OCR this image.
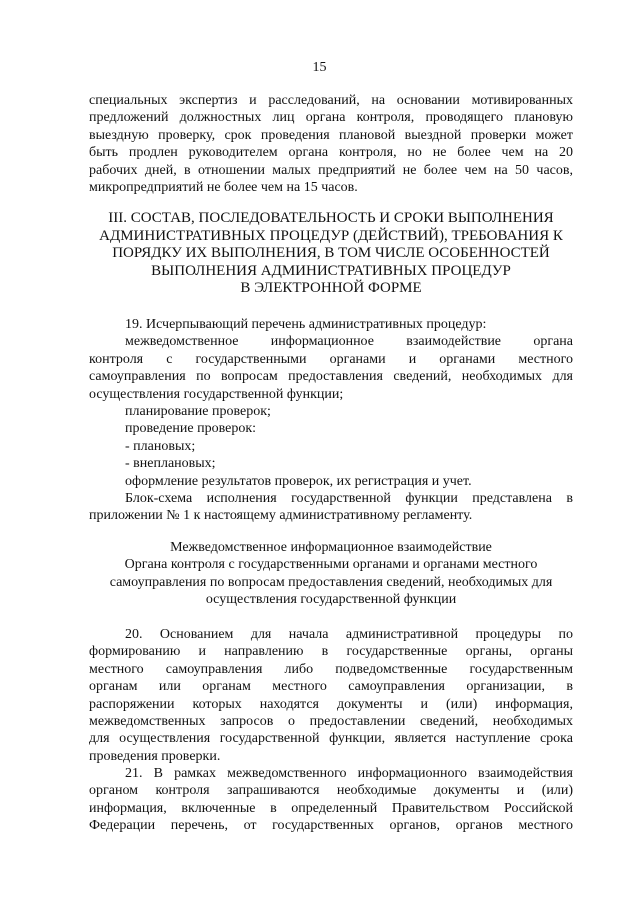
15
специальных экспертиз и расследований, на основании мотивированных
предложений должностных лиц органа контроля, проводящего плановую
выездную проверку, срок проведения плановой выездной проверки может
быть продлен руководителем органа контроля, но не более чем на 20
рабочих дней, в отношении малых предприятий не более чем на 50 часов,
микропредприятий не более чем на 15 часов.
III. СОСТАВ, ПОСЛЕДОВАТЕЛЬНОСТЬ И СРОКИ ВЫПОЛНЕНИЯ
АДМИНИСТРАТИВНЫХ ПРОЦЕДУР (ДЕЙСТВИЙ), ТРЕБОВАНИЯ К
ПОРЯДКУ ИХ ВЫПОЛНЕНИЯ, В ТОМ ЧИСЛЕ ОСОБЕННОСТЕЙ
ВЫПОЛНЕНИЯ АДМИНИСТРАТИВНЫХ ПРОЦЕДУР
В ЭЛЕКТРОННОЙ ФОРМЕ
19. Исчерпывающий перечень административных процедур:
межведомственное информационное взаимодействие органа
контроля с государственными органами и органами местного
самоуправления по вопросам предоставления сведений, необходимых для
осуществления государственной функции;
планирование проверок;
проведение проверок:
- плановых;
- внеплановых;
оформление результатов проверок, их регистрация и учет.
Блок-схема исполнения государственной функции представлена в
приложении № 1 к настоящему административному регламенту.
Межведомственное информационное взаимодействие
Органа контроля с государственными органами и органами местного
самоуправления по вопросам предоставления сведений, необходимых для
осуществления государственной функции
20. Основанием для начала административной процедуры по
формированию и направлению в государственные органы, органы
местного самоуправления либо подведомственные государственным
органам или органам местного самоуправления организации, в
распоряжении которых находятся документы и (или) информация,
межведомственных запросов о предоставлении сведений, необходимых
для осуществления государственной функции, является наступление срока
проведения проверки.
21. В рамках межведомственного информационного взаимодействия
органом контроля запрашиваются необходимые документы и (или)
информация, включенные в определенный Правительством Российской
Федерации перечень, от государственных органов, органов местного
